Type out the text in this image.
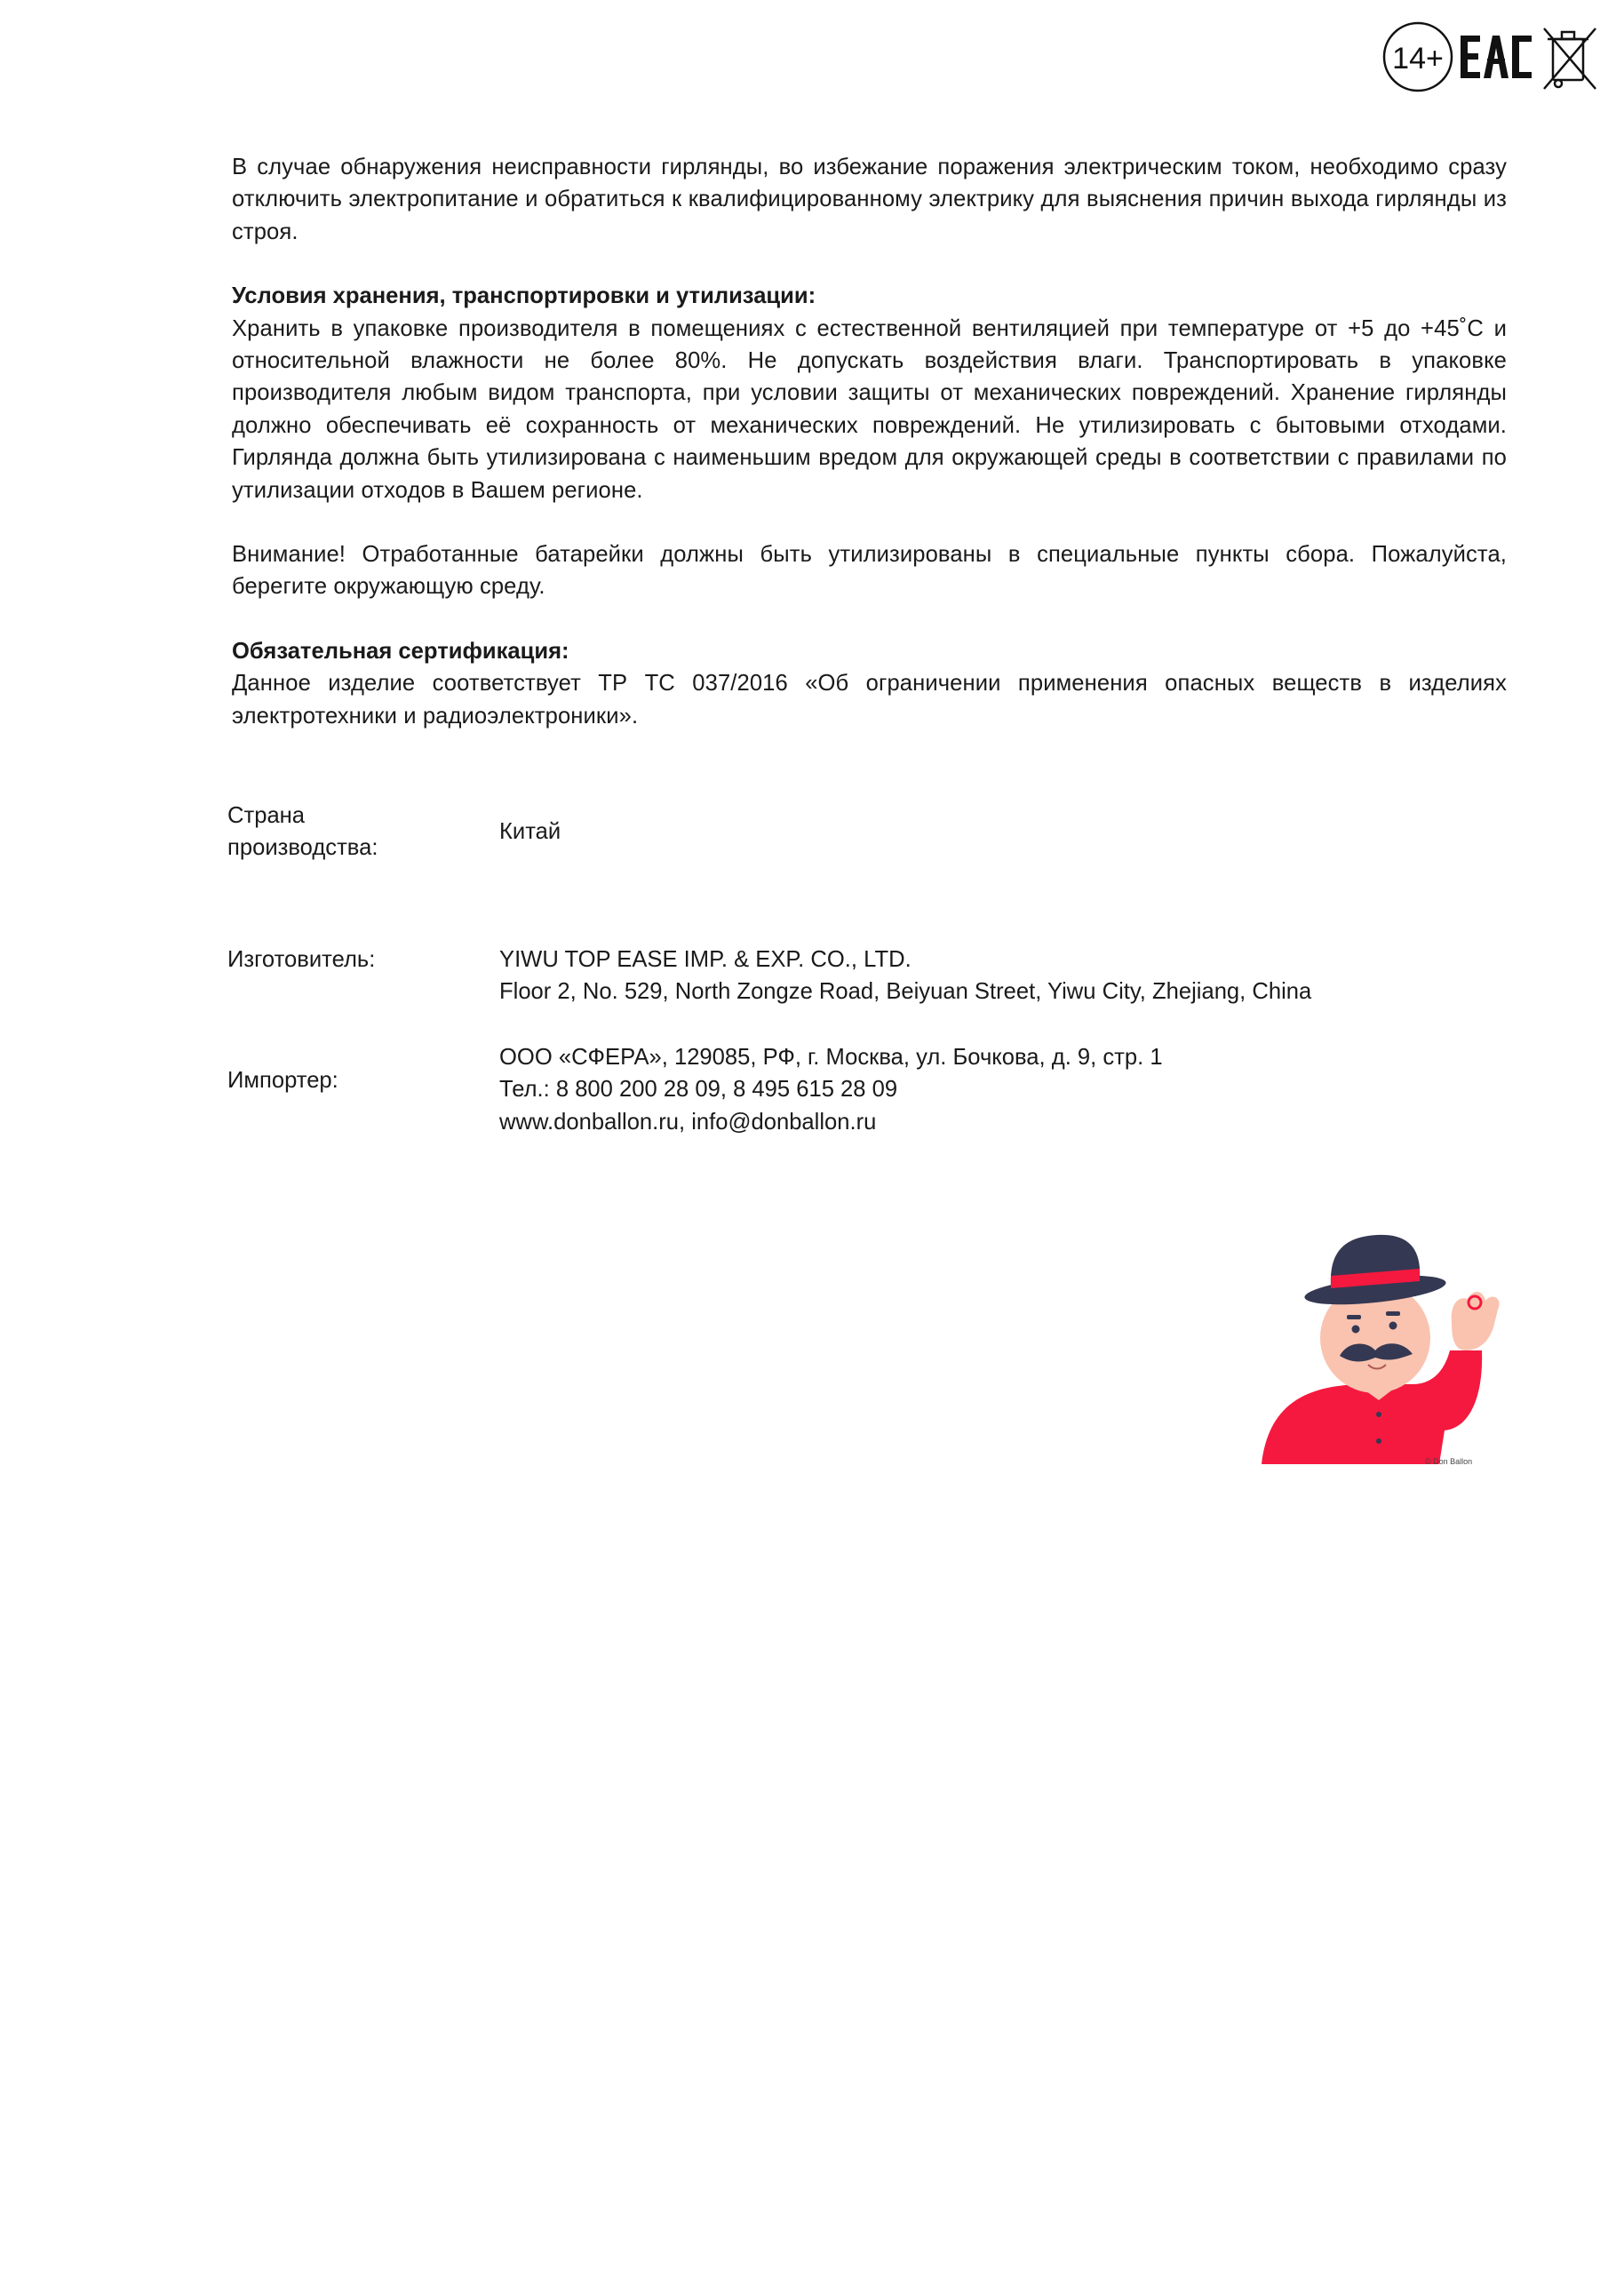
14+

В случае обнаружения неисправности гирлянды, во избежание поражения электрическим током, необходимо сразу отключить электропитание и обратиться к квалифицированному электрику для выяснения причин выхода гирлянды из строя.

Условия хранения, транспортировки и утилизации:

Хранить в упаковке производителя в помещениях с естественной вентиляцией при температуре от +5 до +45˚С и относительной влажности не более 80%. Не допускать воздействия влаги. Транспортировать в упаковке производителя любым видом транспорта, при условии защиты от механических повреждений. Хранение гирлянды должно обеспечивать её сохранность от механических повреждений. Не утилизировать с бытовыми отходами. Гирлянда должна быть утилизирована с наименьшим вредом для окружающей среды в соответствии с правилами по утилизации отходов в Вашем регионе.

Внимание! Отработанные батарейки должны быть утилизированы в специальные пункты сбора. Пожалуйста, берегите окружающую среду.

Обязательная сертификация:

Данное изделие соответствует ТР ТС 037/2016 «Об ограничении применения опасных веществ в изделиях электротехники и радиоэлектроники».

Страна
производства:
Китай
Изготовитель:	YIWU TOP EASE IMP. & EXP. CO., LTD.
Floor 2, No. 529, North Zongze Road, Beiyuan Street, Yiwu City, Zhejiang, China
Импортер:
ООО «СФЕРА», 129085, РФ, г. Москва, ул. Бочкова, д. 9, стр. 1
Тел.: 8 800 200 28 09, 8 495 615 28 09
www.donballon.ru, info@donballon.ru
© Don Ballon
